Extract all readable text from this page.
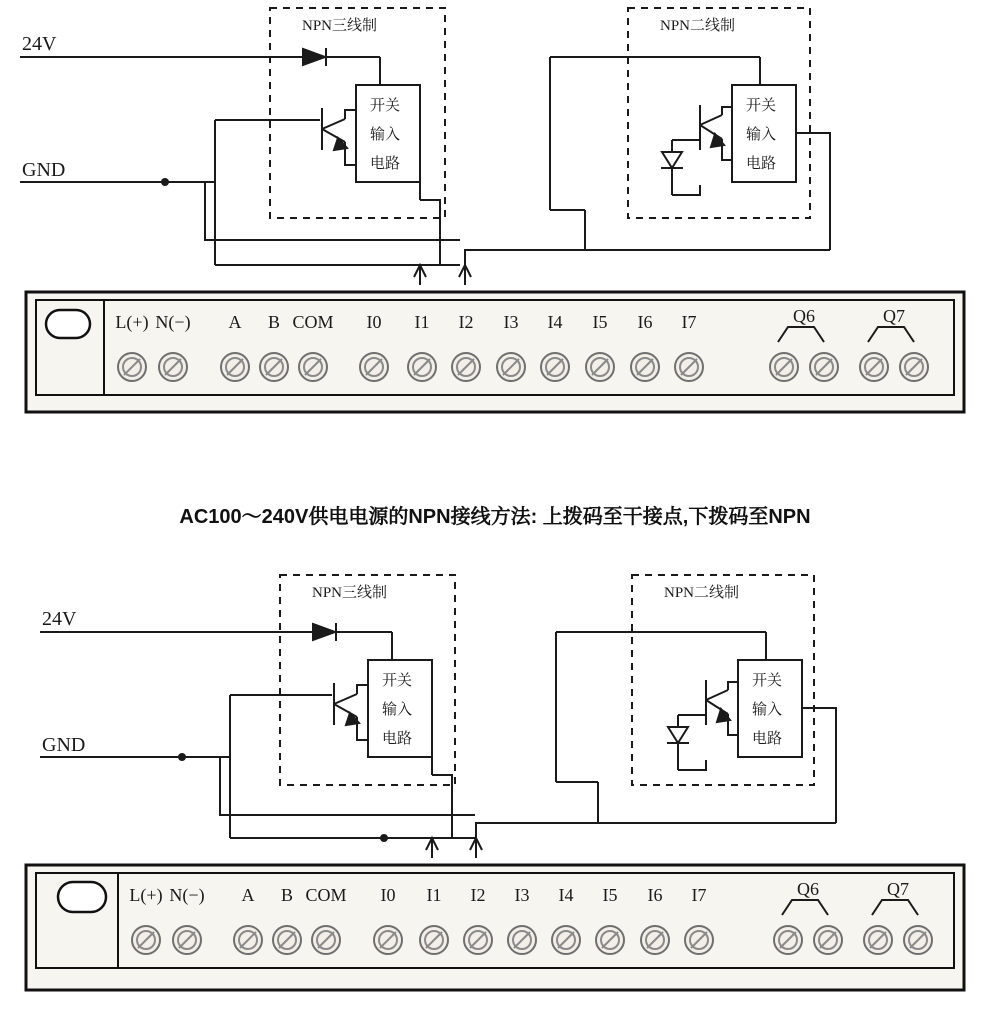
24V
GND
NPN三线制	NPN二线制
开关
输入
电路
开关
输入
电路
L(+) N(−) A B COM I0 I1 I2 I3 I4 I5 I6 I7	Q6	Q7
AC100〜240V供电电源的NPN接线方法: 上拨码至干接点,下拨码至NPN
24V
GND
NPN三线制	NPN二线制
开关
输入
电路
开关
输入
电路
L(+) N(−) A B COM I0 I1 I2 I3 I4 I5 I6 I7	Q6	Q7
